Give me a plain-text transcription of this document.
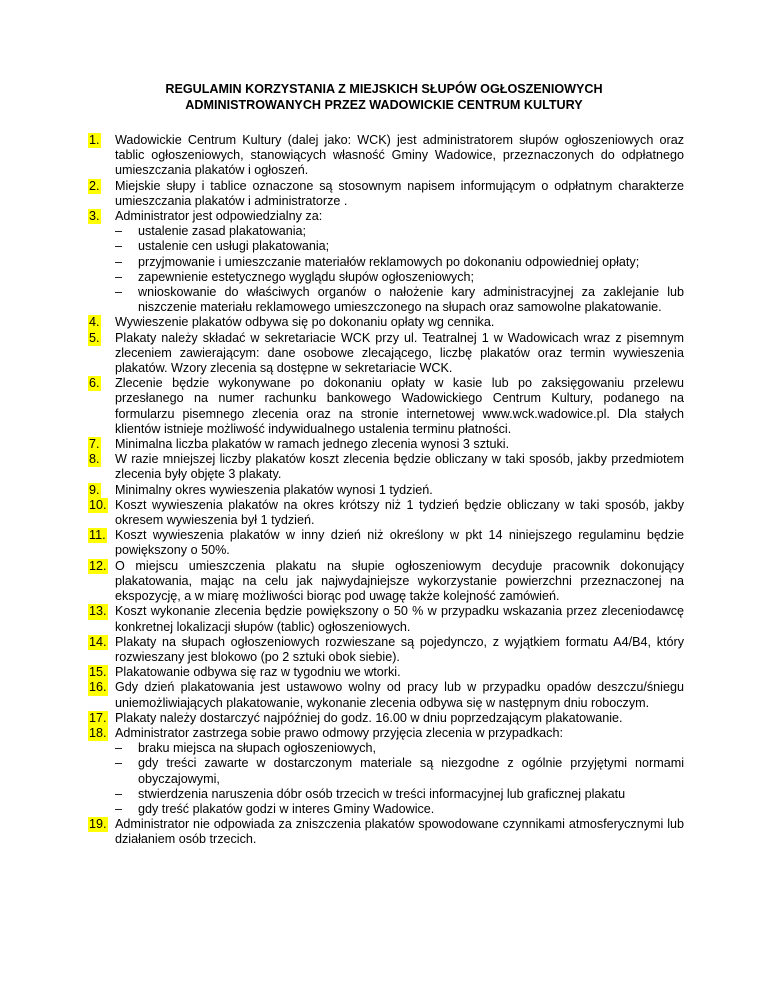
REGULAMIN KORZYSTANIA Z MIEJSKICH SŁUPÓW OGŁOSZENIOWYCH
ADMINISTROWANYCH PRZEZ WADOWICKIE CENTRUM KULTURY
1. Wadowickie Centrum Kultury (dalej jako: WCK) jest administratorem słupów ogłoszeniowych oraz tablic ogłoszeniowych, stanowiących własność Gminy Wadowice, przeznaczonych do odpłatnego umieszczania plakatów i ogłoszeń.
2. Miejskie słupy i tablice oznaczone są stosownym napisem informującym o odpłatnym charakterze umieszczania plakatów i administratorze .
3. Administrator jest odpowiedzialny za:
– ustalenie zasad plakatowania;
– ustalenie cen usługi plakatowania;
– przyjmowanie i umieszczanie materiałów reklamowych po dokonaniu odpowiedniej opłaty;
– zapewnienie estetycznego wyglądu słupów ogłoszeniowych;
– wnioskowanie do właściwych organów o nałożenie kary administracyjnej za zaklejanie lub niszczenie materiału reklamowego umieszczonego na słupach oraz samowolne plakatowanie.
4. Wywieszenie plakatów odbywa się po dokonaniu opłaty wg cennika.
5. Plakaty należy składać w sekretariacie WCK przy ul. Teatralnej 1 w Wadowicach wraz z pisemnym zleceniem zawierającym: dane osobowe zlecającego, liczbę plakatów oraz termin wywieszenia plakatów. Wzory zlecenia są dostępne w sekretariacie WCK.
6. Zlecenie będzie wykonywane po dokonaniu opłaty w kasie lub po zaksięgowaniu przelewu przesłanego na numer rachunku bankowego Wadowickiego Centrum Kultury, podanego na formularzu pisemnego zlecenia oraz na stronie internetowej www.wck.wadowice.pl. Dla stałych klientów istnieje możliwość indywidualnego ustalenia terminu płatności.
7. Minimalna liczba plakatów w ramach jednego zlecenia wynosi 3 sztuki.
8. W razie mniejszej liczby plakatów koszt zlecenia będzie obliczany w taki sposób, jakby przedmiotem zlecenia były objęte 3 plakaty.
9. Minimalny okres wywieszenia plakatów wynosi 1 tydzień.
10. Koszt wywieszenia plakatów na okres krótszy niż 1 tydzień będzie obliczany w taki sposób, jakby okresem wywieszenia był 1 tydzień.
11. Koszt wywieszenia plakatów w inny dzień niż określony w pkt 14 niniejszego regulaminu będzie powiększony o 50%.
12. O miejscu umieszczenia plakatu na słupie ogłoszeniowym decyduje pracownik dokonujący plakatowania, mając na celu jak najwydajniejsze wykorzystanie powierzchni przeznaczonej na ekspozycję, a w miarę możliwości biorąc pod uwagę także kolejność zamówień.
13. Koszt wykonanie zlecenia będzie powiększony o 50 % w przypadku wskazania przez zleceniodawcę konkretnej lokalizacji słupów (tablic) ogłoszeniowych.
14. Plakaty na słupach ogłoszeniowych rozwieszane są pojedynczo, z wyjątkiem formatu A4/B4, który rozwieszany jest blokowo (po 2 sztuki obok siebie).
15. Plakatowanie odbywa się raz w tygodniu we wtorki.
16. Gdy dzień plakatowania jest ustawowo wolny od pracy lub w przypadku opadów deszczu/śniegu uniemożliwiających plakatowanie, wykonanie zlecenia odbywa się w następnym dniu roboczym.
17. Plakaty należy dostarczyć najpóźniej do godz. 16.00 w dniu poprzedzającym plakatowanie.
18. Administrator zastrzega sobie prawo odmowy przyjęcia zlecenia w przypadkach:
– braku miejsca na słupach ogłoszeniowych,
– gdy treści zawarte w dostarczonym materiale są niezgodne z ogólnie przyjętymi normami obyczajowymi,
– stwierdzenia naruszenia dóbr osób trzecich w treści informacyjnej lub graficznej plakatu
– gdy treść plakatów godzi w interes Gminy Wadowice.
19. Administrator nie odpowiada za zniszczenia plakatów spowodowane czynnikami atmosferycznymi lub działaniem osób trzecich.
